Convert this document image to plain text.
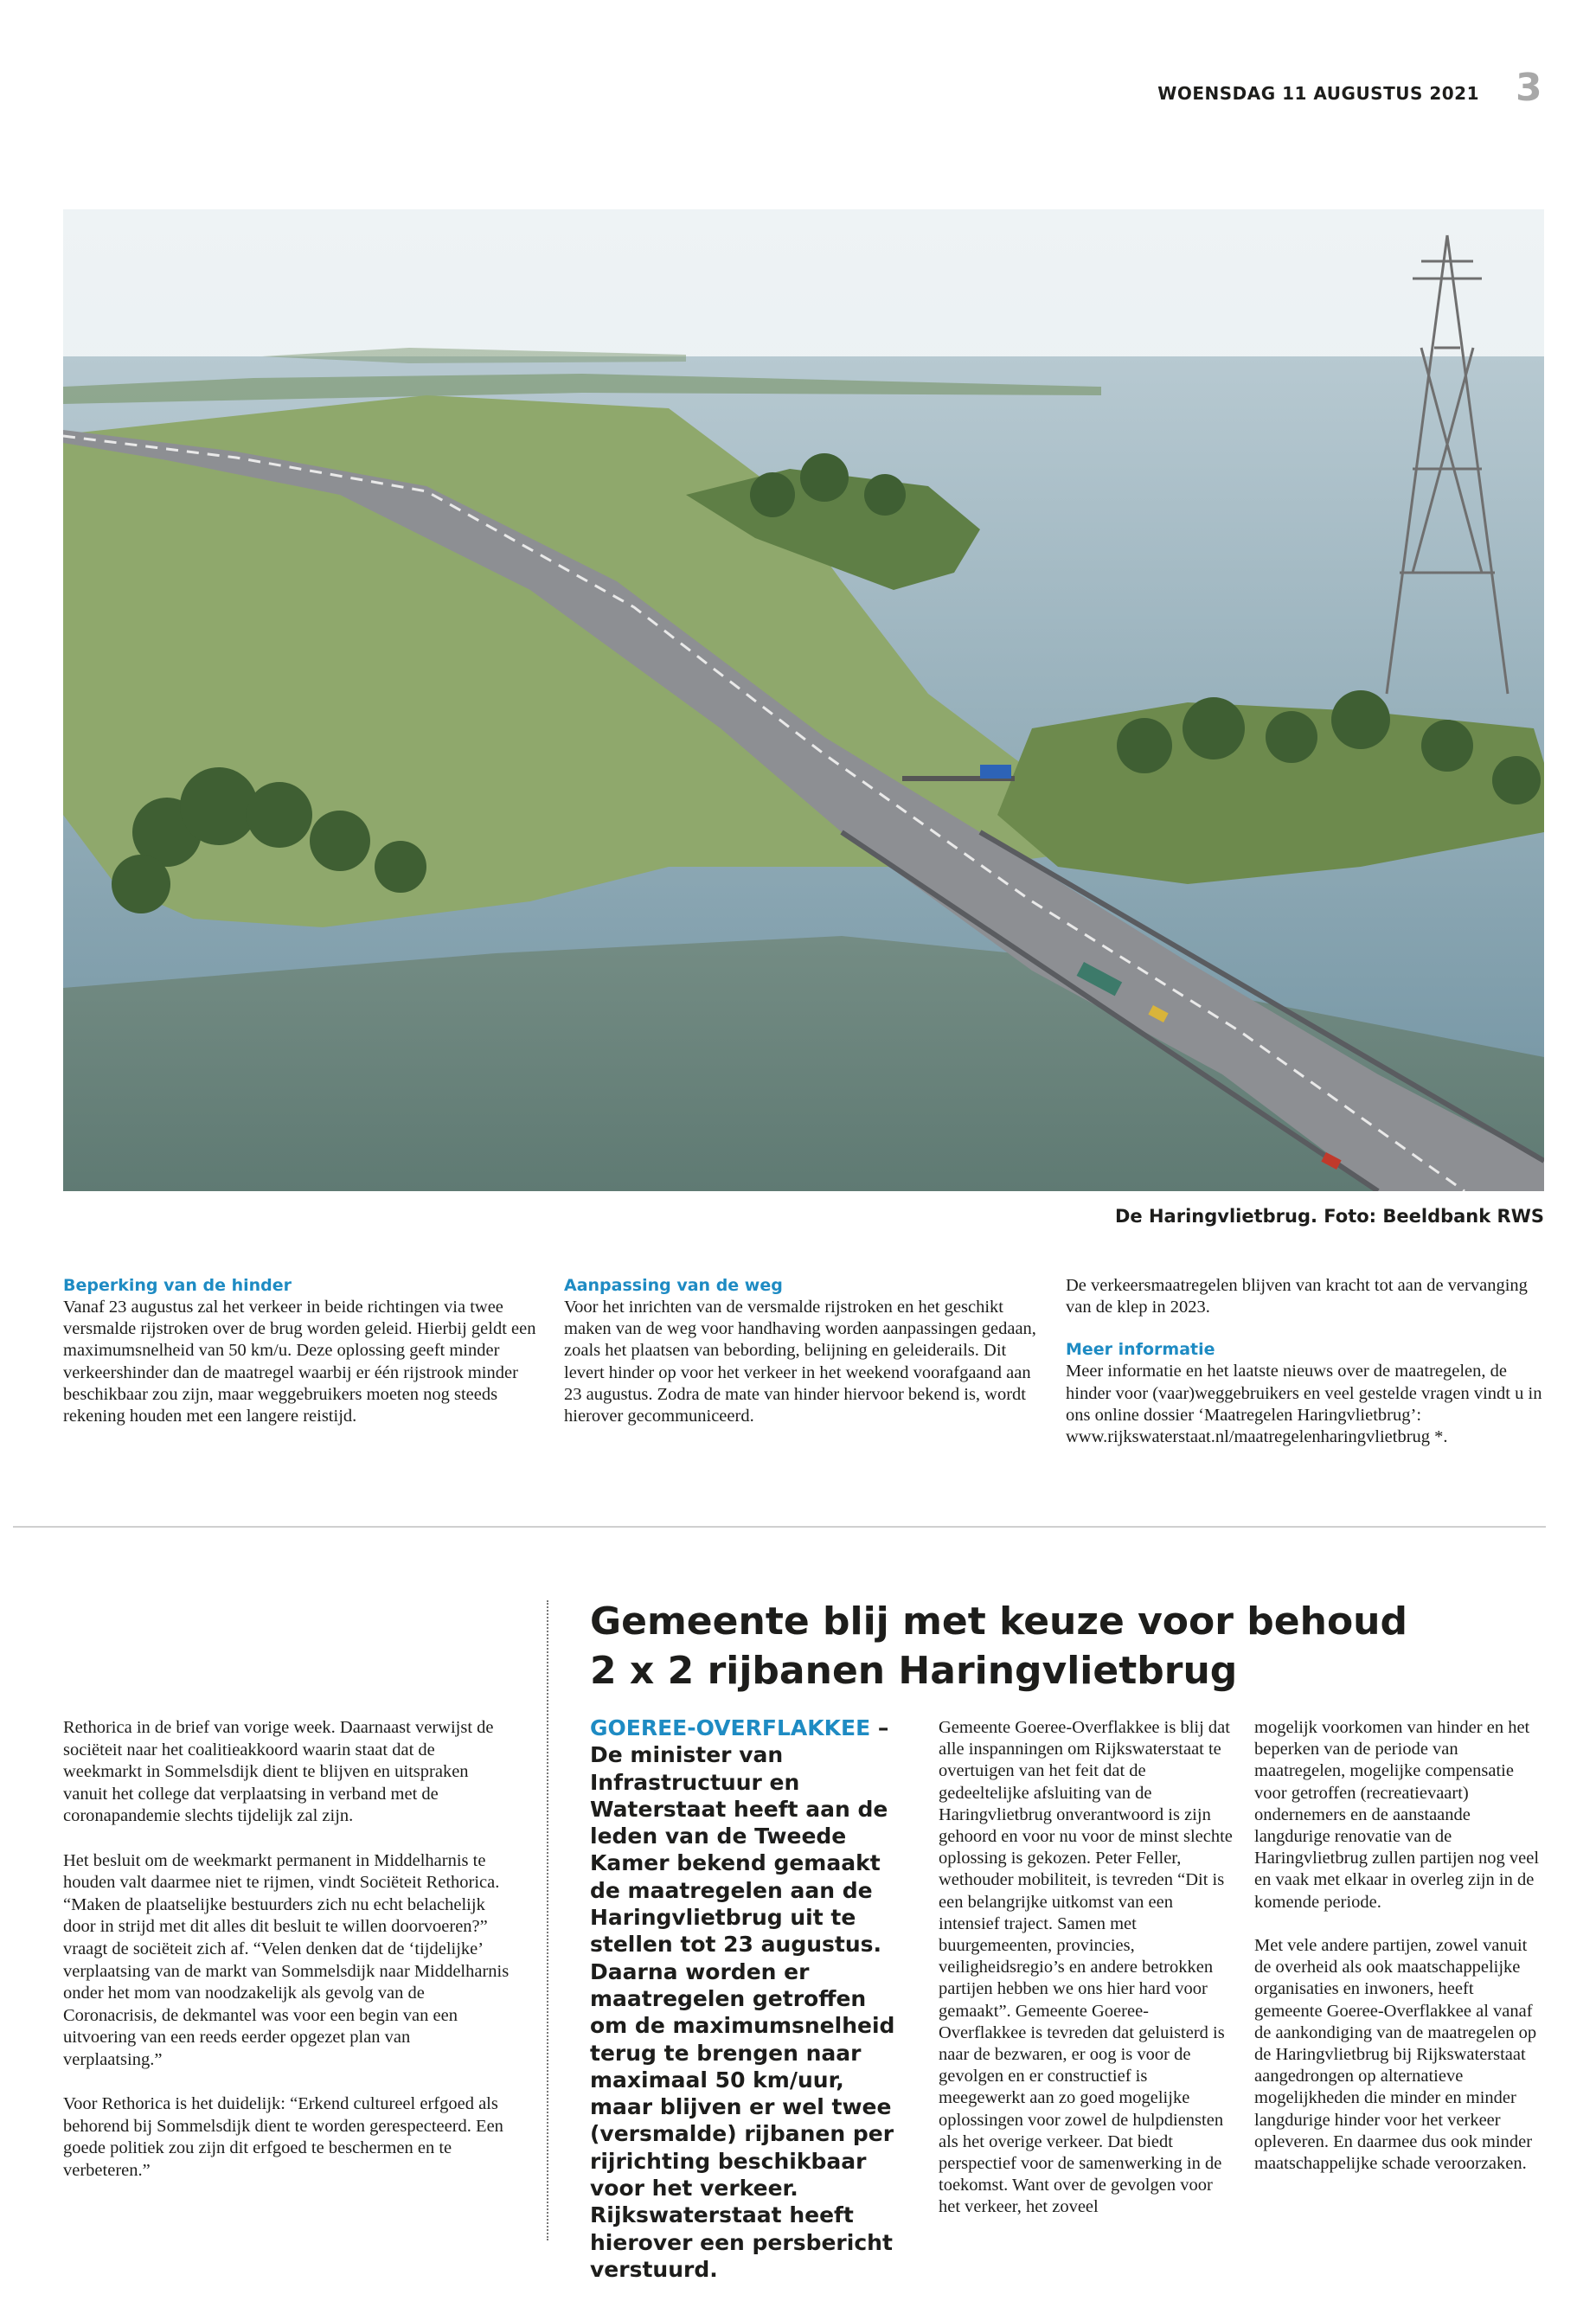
WOENSDAG 11 AUGUSTUS 2021 3
De Haringvlietbrug. Foto: Beeldbank RWS
Beperking van de hinder

Vanaf 23 augustus zal het verkeer in beide richtingen via twee versmalde rijstroken over de brug worden geleid. Hierbij geldt een maximumsnelheid van 50 km/u. Deze oplossing geeft minder verkeershinder dan de maatregel waarbij er één rijstrook minder beschikbaar zou zijn, maar weggebruikers moeten nog steeds rekening houden met een langere reistijd.

Aanpassing van de weg

Voor het inrichten van de versmalde rijstroken en het geschikt maken van de weg voor handhaving worden aanpassingen gedaan, zoals het plaatsen van bebording, belijning en geleiderails. Dit levert hinder op voor het verkeer in het weekend voorafgaand aan 23 augustus. Zodra de mate van hinder hiervoor bekend is, wordt hierover gecommuniceerd.

De verkeersmaatregelen blijven van kracht tot aan de vervanging van de klep in 2023.

Meer informatie

Meer informatie en het laatste nieuws over de maatregelen, de hinder voor (vaar)weggebruikers en veel gestelde vragen vindt u in ons online dossier ‘Maatregelen Haringvlietbrug’: www.rijkswaterstaat.nl/maatregelenharingvlietbrug *.

Rethorica in de brief van vorige week. Daarnaast verwijst de sociëteit naar het coalitieakkoord waarin staat dat de weekmarkt in Sommelsdijk dient te blijven en uitspraken vanuit het college dat verplaatsing in verband met de coronapandemie slechts tijdelijk zal zijn.

Het besluit om de weekmarkt permanent in Middelharnis te houden valt daarmee niet te rijmen, vindt Sociëteit Rethorica. “Maken de plaatselijke bestuurders zich nu echt belachelijk door in strijd met dit alles dit besluit te willen doorvoeren?” vraagt de sociëteit zich af. “Velen denken dat de ‘tijdelijke’ verplaatsing van de markt van Sommelsdijk naar Middelharnis onder het mom van noodzakelijk als gevolg van de Coronacrisis, de dekmantel was voor een begin van een uitvoering van een reeds eerder opgezet plan van verplaatsing.”

Voor Rethorica is het duidelijk: “Erkend cultureel erfgoed als behorend bij Sommelsdijk dient te worden gerespecteerd. Een goede politiek zou zijn dit erfgoed te beschermen en te verbeteren.”

Gemeente blij met keuze voor behoud
2 x 2 rijbanen Haringvlietbrug
GOEREE-OVERFLAKKEE – De minister van Infrastructuur en Waterstaat heeft aan de leden van de Tweede Kamer bekend gemaakt de maatregelen aan de Haringvlietbrug uit te stellen tot 23 augustus. Daarna worden er maatregelen getroffen om de maximumsnelheid terug te brengen naar maximaal 50 km/uur, maar blijven er wel twee (versmalde) rijbanen per rijrichting beschikbaar voor het verkeer. Rijkswaterstaat heeft hierover een persbericht verstuurd.

Gemeente Goeree-Overflakkee is blij dat alle inspanningen om Rijkswaterstaat te overtuigen van het feit dat de gedeeltelijke afsluiting van de Haringvlietbrug onverantwoord is zijn gehoord en voor nu voor de minst slechte oplossing is gekozen. Peter Feller, wethouder mobiliteit, is tevreden “Dit is een belangrijke uitkomst van een intensief traject. Samen met buurgemeenten, provincies, veiligheidsregio’s en andere betrokken partijen hebben we ons hier hard voor gemaakt”. Gemeente Goeree-Overflakkee is tevreden dat geluisterd is naar de bezwaren, er oog is voor de gevolgen en er constructief is meegewerkt aan zo goed mogelijke oplossingen voor zowel de hulpdiensten als het overige verkeer. Dat biedt perspectief voor de samenwerking in de toekomst. Want over de gevolgen voor het verkeer, het zoveel

mogelijk voorkomen van hinder en het beperken van de periode van maatregelen, mogelijke compensatie voor getroffen (recreatievaart) ondernemers en de aanstaande langdurige renovatie van de Haringvlietbrug zullen partijen nog veel en vaak met elkaar in overleg zijn in de komende periode.

Met vele andere partijen, zowel vanuit de overheid als ook maatschappelijke organisaties en inwoners, heeft gemeente Goeree-Overflakkee al vanaf de aankondiging van de maatregelen op de Haringvlietbrug bij Rijkswaterstaat aangedrongen op alternatieve mogelijkheden die minder en minder langdurige hinder voor het verkeer opleveren. En daarmee dus ook minder maatschappelijke schade veroorzaken.
